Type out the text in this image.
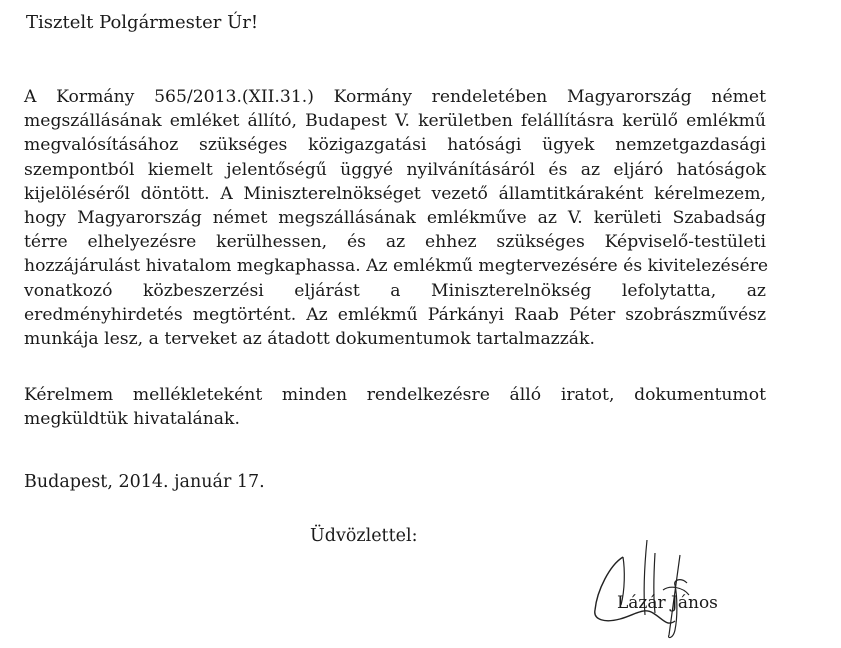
Tisztelt Polgármester Úr!
A Kormány 565/2013.(XII.31.) Kormány rendeletében Magyarország német
megszállásának emléket állító, Budapest V. kerületben felállításra kerülő emlékmű
megvalósításához szükséges közigazgatási hatósági ügyek nemzetgazdasági
szempontból kiemelt jelentőségű üggyé nyilvánításáról és az eljáró hatóságok
kijelöléséről döntött. A Miniszterelnökséget vezető államtitkáraként kérelmezem,
hogy Magyarország német megszállásának emlékműve az V. kerületi Szabadság
térre elhelyezésre kerülhessen, és az ehhez szükséges Képviselő-testületi
hozzájárulást hivatalom megkaphassa. Az emlékmű megtervezésére és kivitelezésére
vonatkozó közbeszerzési eljárást a Miniszterelnökség lefolytatta, az
eredményhirdetés megtörtént. Az emlékmű Párkányi Raab Péter szobrászművész
munkája lesz, a terveket az átadott dokumentumok tartalmazzák.
Kérelmem mellékleteként minden rendelkezésre álló iratot, dokumentumot
megküldtük hivatalának.
Budapest, 2014. január 17.
Üdvözlettel:
Lázár János
